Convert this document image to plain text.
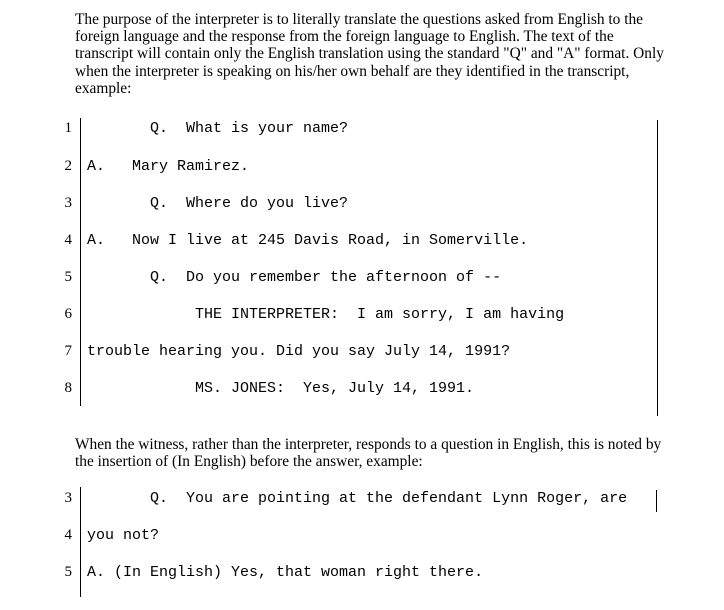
The purpose of the interpreter is to literally translate the questions asked from English to the
foreign language and the response from the foreign language to English. The text of the
transcript will contain only the English translation using the standard "Q" and "A" format. Only
when the interpreter is speaking on his/her own behalf are they identified in the transcript,
example:
1 Q.  What is your name?
2 A.   Mary Ramirez.
3 Q.  Where do you live?
4 A.   Now I live at 245 Davis Road, in Somerville.
5 Q.  Do you remember the afternoon of --
6 THE INTERPRETER:  I am sorry, I am having
7 trouble hearing you. Did you say July 14, 1991?
8 MS. JONES:  Yes, July 14, 1991.
When the witness, rather than the interpreter, responds to a question in English, this is noted by
the insertion of (In English) before the answer, example:
3 Q.  You are pointing at the defendant Lynn Roger, are
4 you not?
5 A. (In English) Yes, that woman right there.
